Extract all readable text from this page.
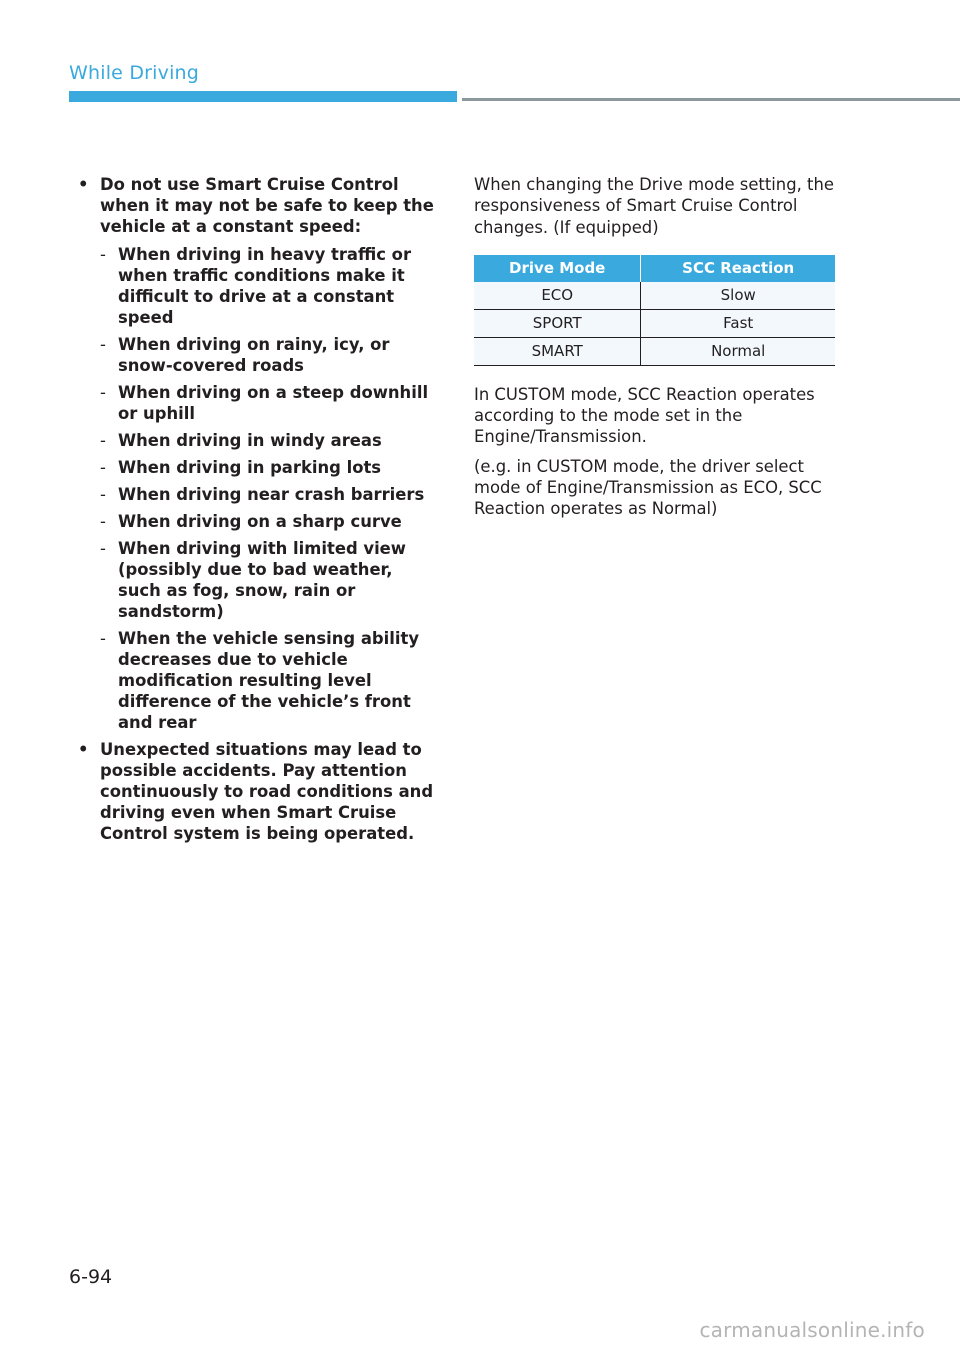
While Driving
• Do not use Smart Cruise Control when it may not be safe to keep the vehicle at a constant speed:
- When driving in heavy traffic or when traffic conditions make it difficult to drive at a constant speed
- When driving on rainy, icy, or snow-covered roads
- When driving on a steep downhill or uphill
- When driving in windy areas
- When driving in parking lots
- When driving near crash barriers
- When driving on a sharp curve
- When driving with limited view (possibly due to bad weather, such as fog, snow, rain or sandstorm)
- When the vehicle sensing ability decreases due to vehicle modification resulting level difference of the vehicle’s front and rear
• Unexpected situations may lead to possible accidents. Pay attention continuously to road conditions and driving even when Smart Cruise Control system is being operated.

When changing the Drive mode setting, the responsiveness of Smart Cruise Control changes. (If equipped)

Drive Mode	SCC Reaction
ECO	Slow
SPORT	Fast
SMART	Normal

In CUSTOM mode, SCC Reaction operates according to the mode set in the Engine/Transmission.

(e.g. in CUSTOM mode, the driver select mode of Engine/Transmission as ECO, SCC Reaction operates as Normal)

6-94
carmanualsonline.info
